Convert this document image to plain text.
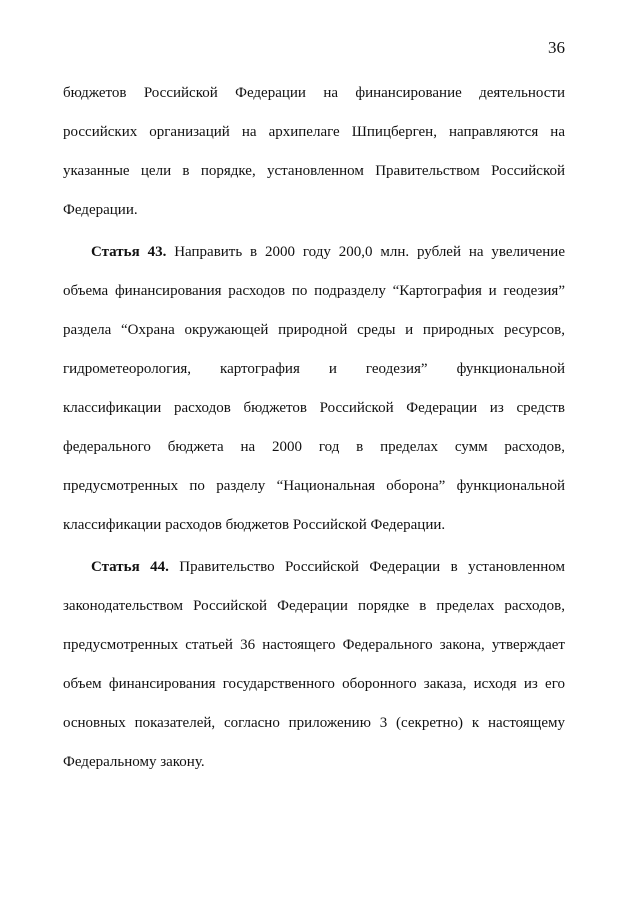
36
бюджетов Российской Федерации на финансирование деятельности
российских организаций на архипелаге Шпицберген, направляются на
указанные цели в порядке, установленном Правительством Российской
Федерации.
Статья 43. Направить в 2000 году 200,0 млн. рублей на увеличение
объема финансирования расходов по подразделу “Картография и геодезия”
раздела “Охрана окружающей природной среды и природных ресурсов,
гидрометеорология, картография и геодезия” функциональной
классификации расходов бюджетов Российской Федерации из средств
федерального бюджета на 2000 год в пределах сумм расходов,
предусмотренных по разделу “Национальная оборона” функциональной
классификации расходов бюджетов Российской Федерации.
Статья 44. Правительство Российской Федерации в установленном
законодательством Российской Федерации порядке в пределах расходов,
предусмотренных статьей 36 настоящего Федерального закона, утверждает
объем финансирования государственного оборонного заказа, исходя из его
основных показателей, согласно приложению 3 (секретно) к настоящему
Федеральному закону.
